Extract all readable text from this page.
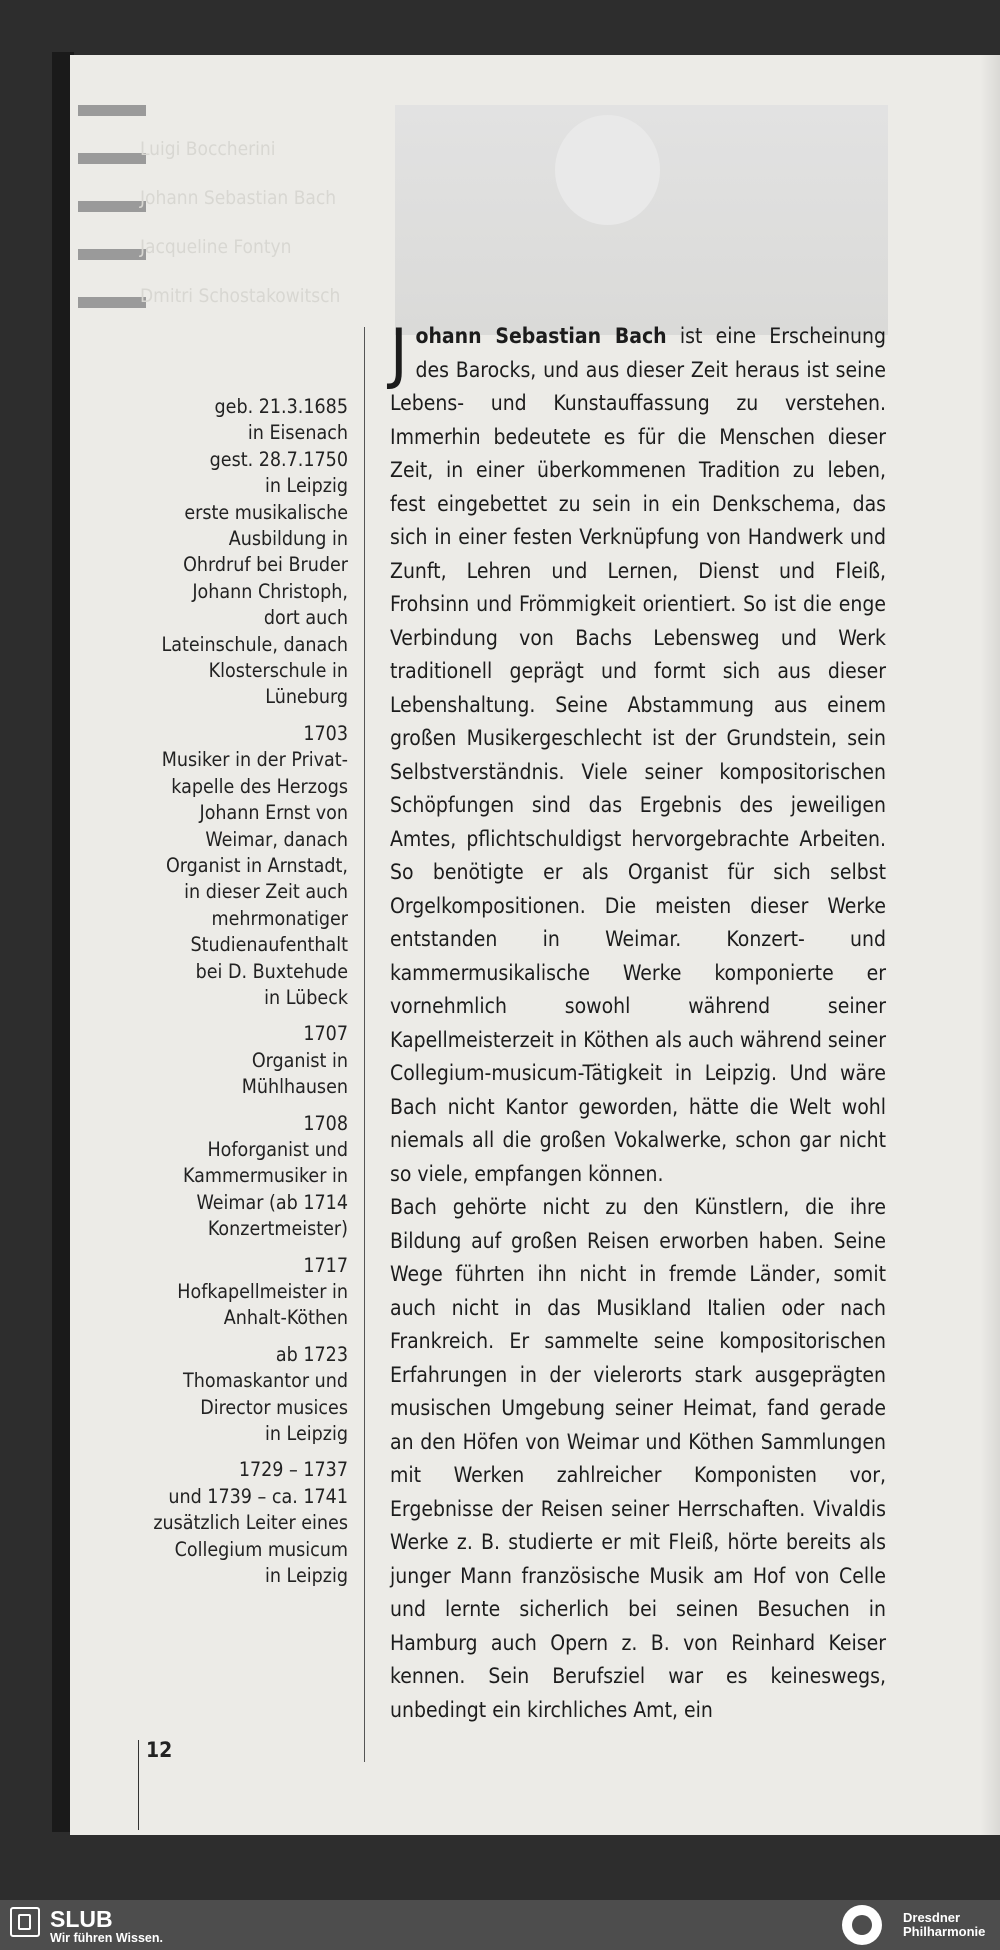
Luigi Boccherini
Johann Sebastian Bach
Jacqueline Fontyn
Dmitri Schostakowitsch
geb. 21.3.1685
in Eisenach
gest. 28.7.1750
in Leipzig
erste musikalische
Ausbildung in
Ohrdruf bei Bruder
Johann Christoph,
dort auch
Lateinschule, danach
Klosterschule in
Lüneburg
1703
Musiker in der Privat-
kapelle des Herzogs
Johann Ernst von
Weimar, danach
Organist in Arnstadt,
in dieser Zeit auch
mehrmonatiger
Studienaufenthalt
bei D. Buxtehude
in Lübeck
1707
Organist in
Mühlhausen
1708
Hoforganist und
Kammermusiker in
Weimar (ab 1714
Konzertmeister)
1717
Hofkapellmeister in
Anhalt-Köthen
ab 1723
Thomaskantor und
Director musices
in Leipzig
1729 – 1737
und 1739 – ca. 1741
zusätzlich Leiter eines
Collegium musicum
in Leipzig

Johann Sebastian Bach ist eine Erscheinung des Barocks, und aus dieser Zeit heraus ist seine Lebens- und Kunstauffassung zu verstehen. Immerhin bedeutete es für die Menschen dieser Zeit, in einer überkommenen Tradition zu leben, fest eingebettet zu sein in ein Denkschema, das sich in einer festen Verknüpfung von Handwerk und Zunft, Lehren und Lernen, Dienst und Fleiß, Frohsinn und Frömmigkeit orientiert. So ist die enge Verbindung von Bachs Lebensweg und Werk traditionell geprägt und formt sich aus dieser Lebenshaltung. Seine Abstammung aus einem großen Musikergeschlecht ist der Grundstein, sein Selbstverständnis. Viele seiner kompositorischen Schöpfungen sind das Ergebnis des jeweiligen Amtes, pflichtschuldigst hervorgebrachte Arbeiten. So benötigte er als Organist für sich selbst Orgelkompositionen. Die meisten dieser Werke entstanden in Weimar. Konzert- und kammermusikalische Werke komponierte er vornehmlich sowohl während seiner Kapellmeisterzeit in Köthen als auch während seiner Collegium-musicum-Tätigkeit in Leipzig. Und wäre Bach nicht Kantor geworden, hätte die Welt wohl niemals all die großen Vokalwerke, schon gar nicht so viele, empfangen können.

Bach gehörte nicht zu den Künstlern, die ihre Bildung auf großen Reisen erworben haben. Seine Wege führten ihn nicht in fremde Länder, somit auch nicht in das Musikland Italien oder nach Frankreich. Er sammelte seine kompositorischen Erfahrungen in der vielerorts stark ausgeprägten musischen Umgebung seiner Heimat, fand gerade an den Höfen von Weimar und Köthen Sammlungen mit Werken zahlreicher Komponisten vor, Ergebnisse der Reisen seiner Herrschaften. Vivaldis Werke z. B. studierte er mit Fleiß, hörte bereits als junger Mann französische Musik am Hof von Celle und lernte sicherlich bei seinen Besuchen in Hamburg auch Opern z. B. von Reinhard Keiser kennen. Sein Berufsziel war es keineswegs, unbedingt ein kirchliches Amt, ein

12
SLUB
Wir führen Wissen.
Dresdner
Philharmonie
